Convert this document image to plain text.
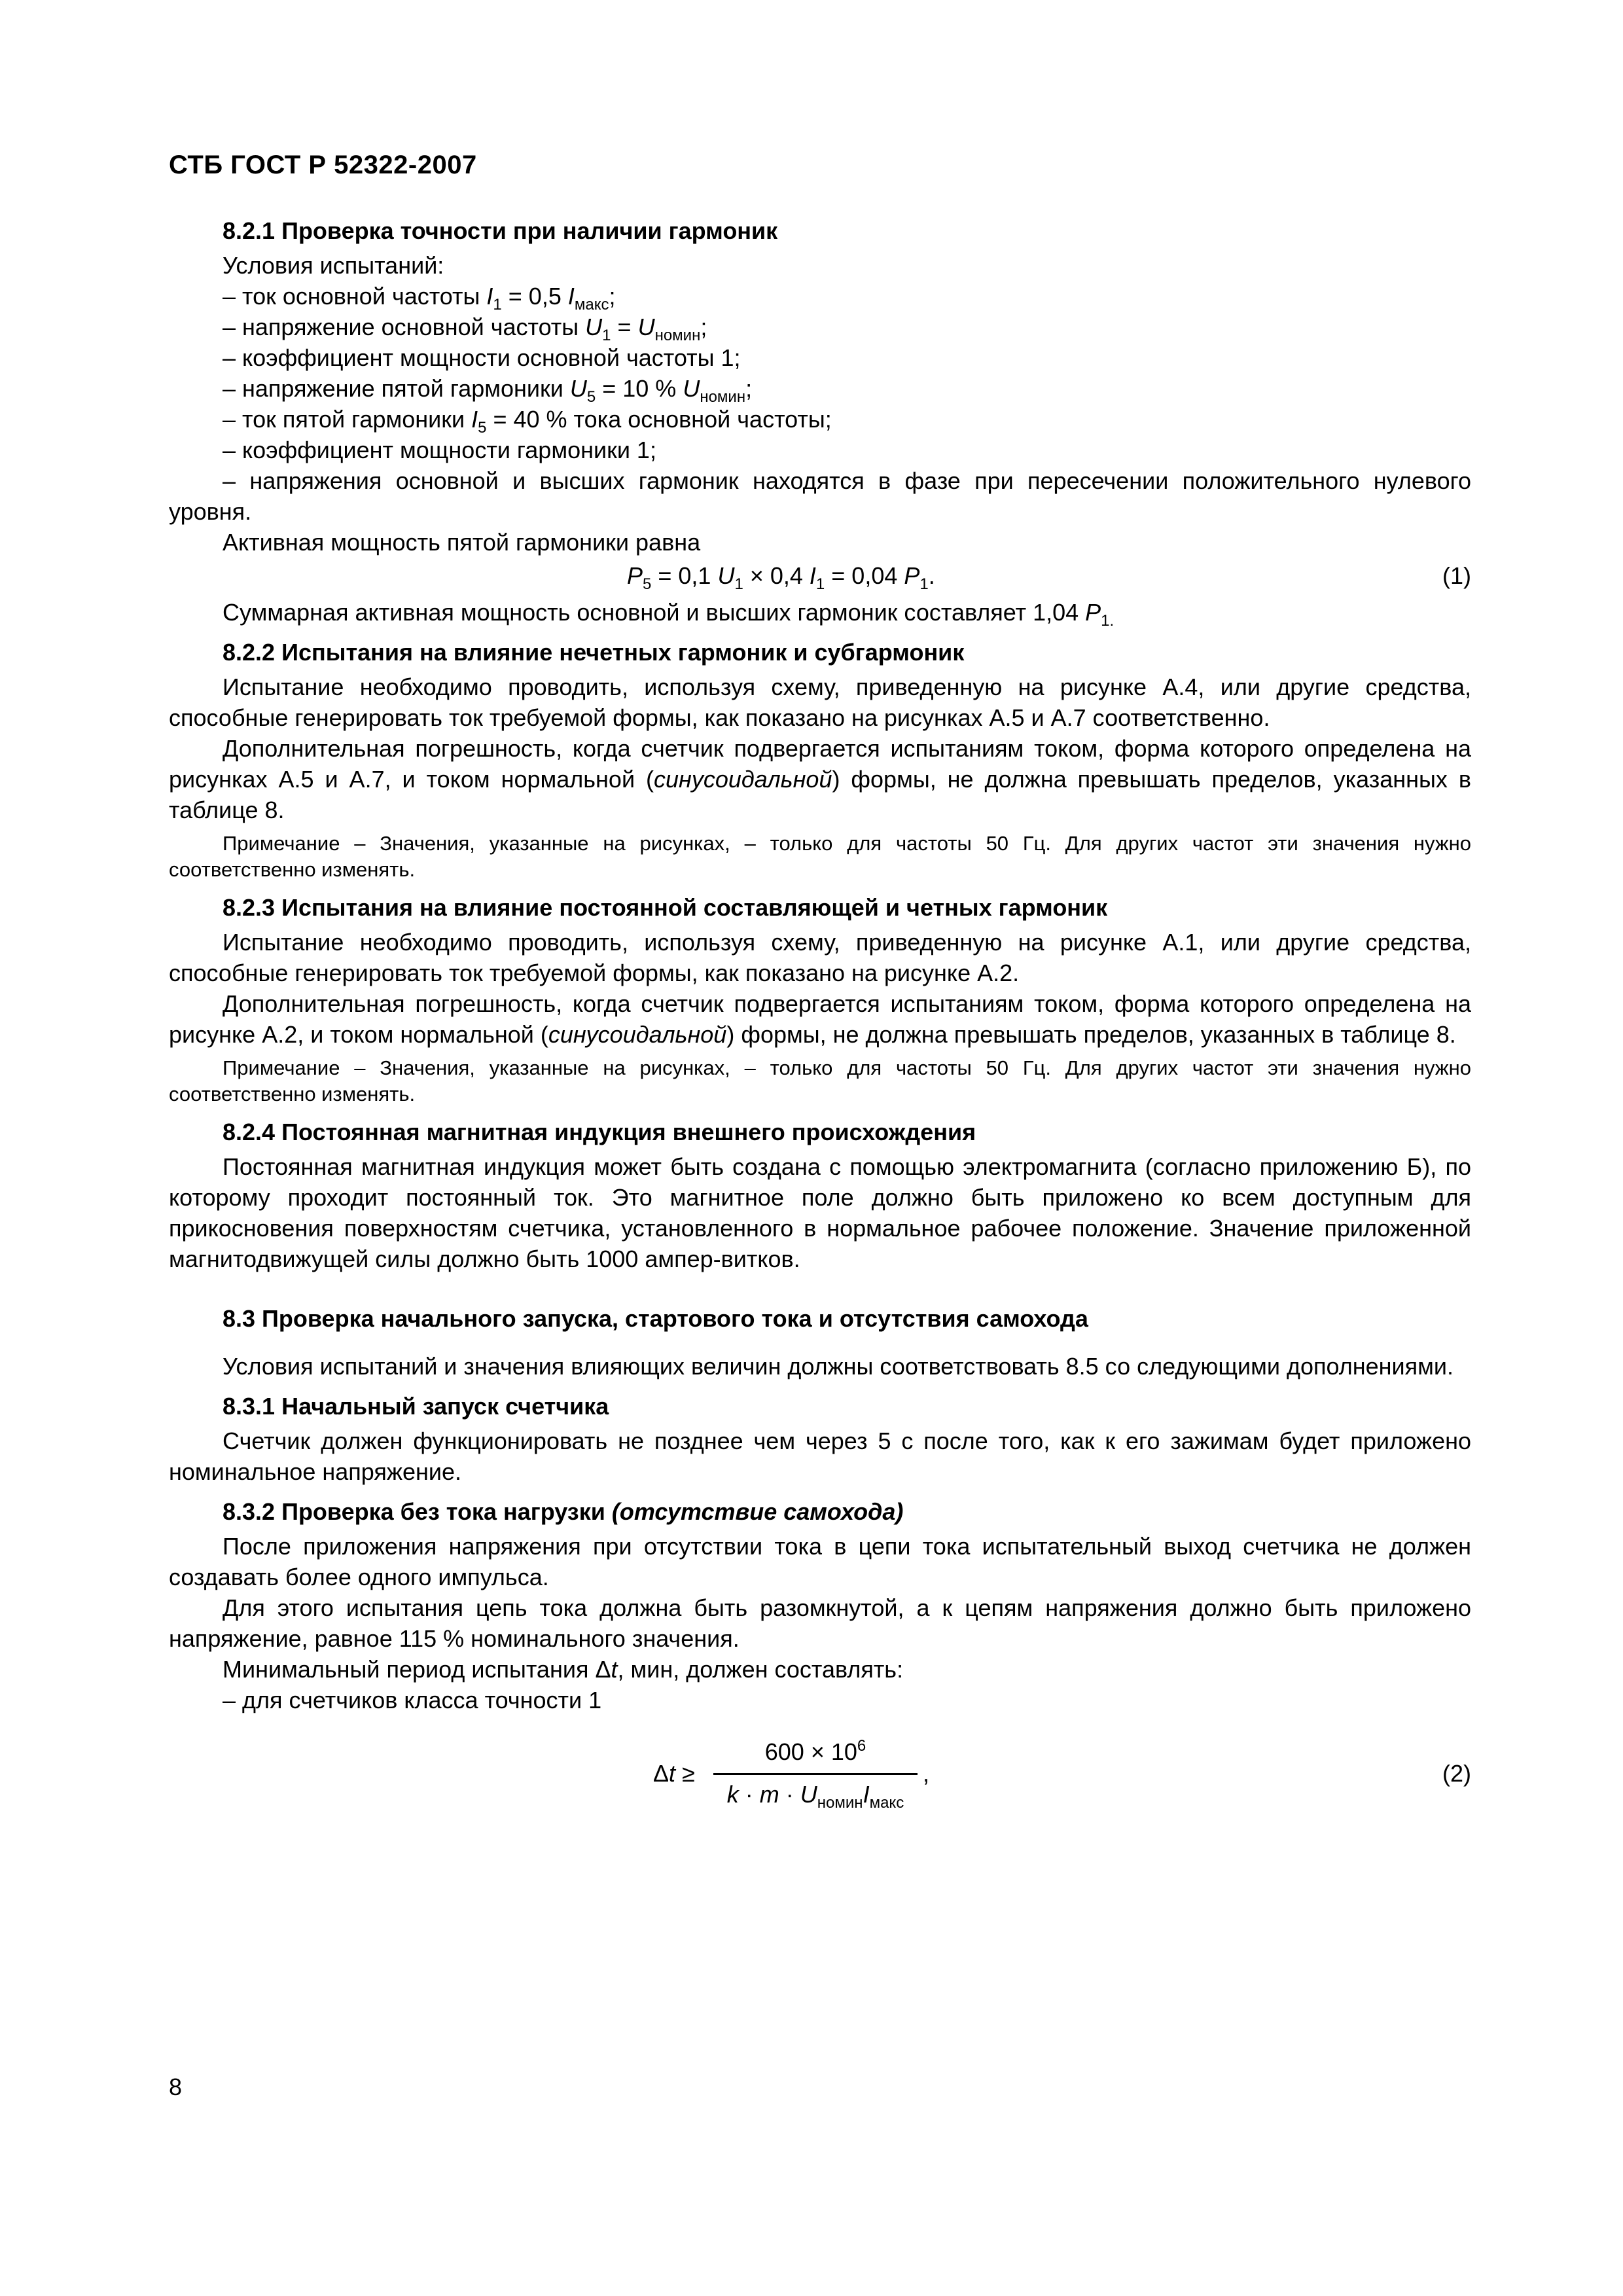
СТБ ГОСТ Р 52322-2007
8.2.1 Проверка точности при наличии гармоник
Условия испытаний:
– ток основной частоты $I_1 = 0,5$ $I_{макс}$;
– напряжение основной частоты $U_1 = U_{номин}$;
– коэффициент мощности основной частоты 1;
– напряжение пятой гармоники $U_5 = 10$ % $U_{номин}$;
– ток пятой гармоники $I_5 = 40$ % тока основной частоты;
– коэффициент мощности гармоники 1;
– напряжения основной и высших гармоник находятся в фазе при пересечении положительного нулевого уровня.
Активная мощность пятой гармоники равна
$P_5 = 0,1$ $U_1 \times 0,4$ $I_1 = 0,04$ $P_1$.	(1)
Суммарная активная мощность основной и высших гармоник составляет 1,04 $P_{1.}$
8.2.2 Испытания на влияние нечетных гармоник и субгармоник
Испытание необходимо проводить, используя схему, приведенную на рисунке А.4, или другие средства, способные генерировать ток требуемой формы, как показано на рисунках А.5 и А.7 соответственно.
Дополнительная погрешность, когда счетчик подвергается испытаниям током, форма которого определена на рисунках А.5 и А.7, и током нормальной (синусоидальной) формы, не должна превышать пределов, указанных в таблице 8.
Примечание – Значения, указанные на рисунках, – только для частоты 50 Гц. Для других частот эти значения нужно соответственно изменять.
8.2.3 Испытания на влияние постоянной составляющей и четных гармоник
Испытание необходимо проводить, используя схему, приведенную на рисунке А.1, или другие средства, способные генерировать ток требуемой формы, как показано на рисунке А.2.
Дополнительная погрешность, когда счетчик подвергается испытаниям током, форма которого определена на рисунке А.2, и током нормальной (синусоидальной) формы, не должна превышать пределов, указанных в таблице 8.
Примечание – Значения, указанные на рисунках, – только для частоты 50 Гц. Для других частот эти значения нужно соответственно изменять.
8.2.4 Постоянная магнитная индукция внешнего происхождения
Постоянная магнитная индукция может быть создана с помощью электромагнита (согласно приложению Б), по которому проходит постоянный ток. Это магнитное поле должно быть приложено ко всем доступным для прикосновения поверхностям счетчика, установленного в нормальное рабочее положение. Значение приложенной магнитодвижущей силы должно быть 1000 ампер-витков.
8.3 Проверка начального запуска, стартового тока и отсутствия самохода
Условия испытаний и значения влияющих величин должны соответствовать 8.5 со следующими дополнениями.
8.3.1 Начальный запуск счетчика
Счетчик должен функционировать не позднее чем через 5 с после того, как к его зажимам будет приложено номинальное напряжение.
8.3.2 Проверка без тока нагрузки (отсутствие самохода)
После приложения напряжения при отсутствии тока в цепи тока испытательный выход счетчика не должен создавать более одного импульса.
Для этого испытания цепь тока должна быть разомкнутой, а к цепям напряжения должно быть приложено напряжение, равное 115 % номинального значения.
Минимальный период испытания Δt, мин, должен составлять:
– для счетчиков класса точности 1
Δt ≥
$600 \times 10^6$
$k \cdot m \cdot U_{номин}I_{макс}$
,	(2)
8
